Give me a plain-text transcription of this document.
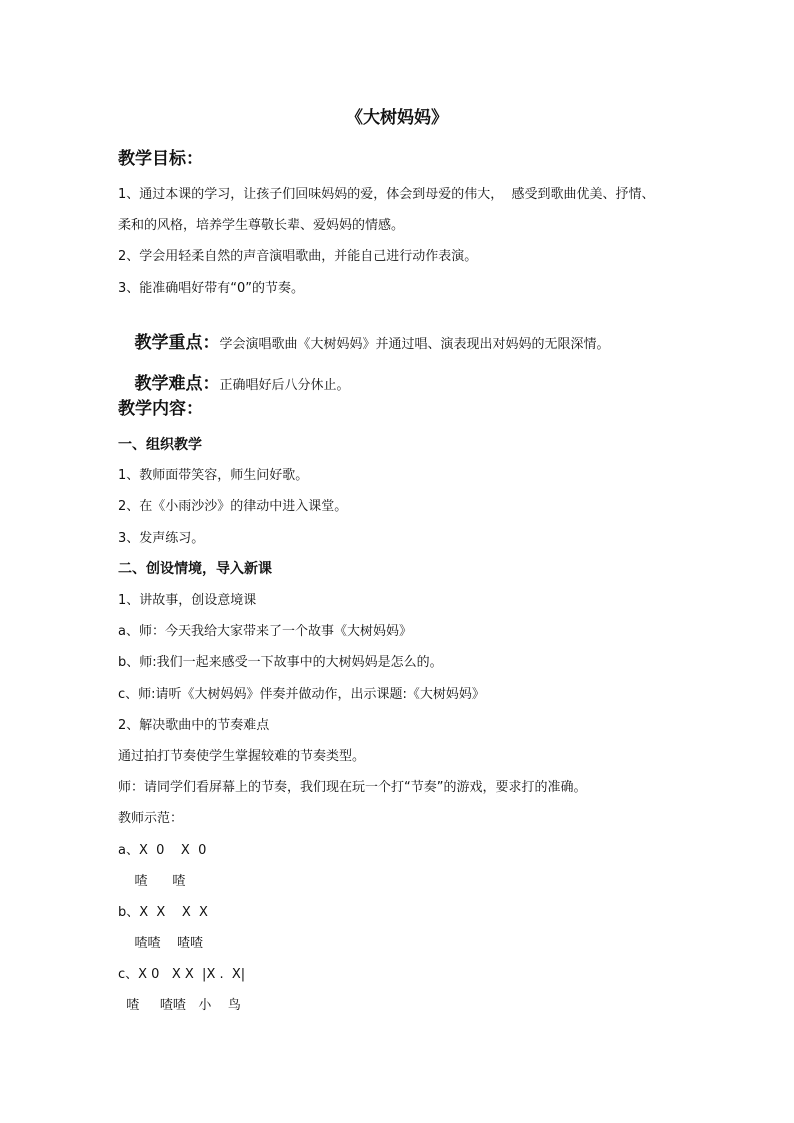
《大树妈妈》
教学目标：
1、通过本课的学习，让孩子们回味妈妈的爱，体会到母爱的伟大，  感受到歌曲优美、抒情、
柔和的风格，培养学生尊敬长辈、爱妈妈的情感。
2、学会用轻柔自然的声音演唱歌曲，并能自己进行动作表演。
3、能准确唱好带有“0”的节奏。

教学重点：学会演唱歌曲《大树妈妈》并通过唱、演表现出对妈妈的无限深情。

教学难点：正确唱好后八分休止。

教学内容：
一、组织教学
1、教师面带笑容，师生问好歌。
2、在《小雨沙沙》的律动中进入课堂。
3、发声练习。
二、创设情境，导入新课
1、讲故事，创设意境课
a、师：今天我给大家带来了一个故事《大树妈妈》
b、师:我们一起来感受一下故事中的大树妈妈是怎么的。
c、师:请听《大树妈妈》伴奏并做动作，出示课题:《大树妈妈》
2、解决歌曲中的节奏难点
通过拍打节奏使学生掌握较难的节奏类型。
师：请同学们看屏幕上的节奏，我们现在玩一个打“节奏”的游戏，要求打的准确。
教师示范：
a、X  0    X  0
喳      喳
b、X  X    X  X
喳喳    喳喳
c、X 0   X X  |X .  X|
喳     喳喳   小    鸟
